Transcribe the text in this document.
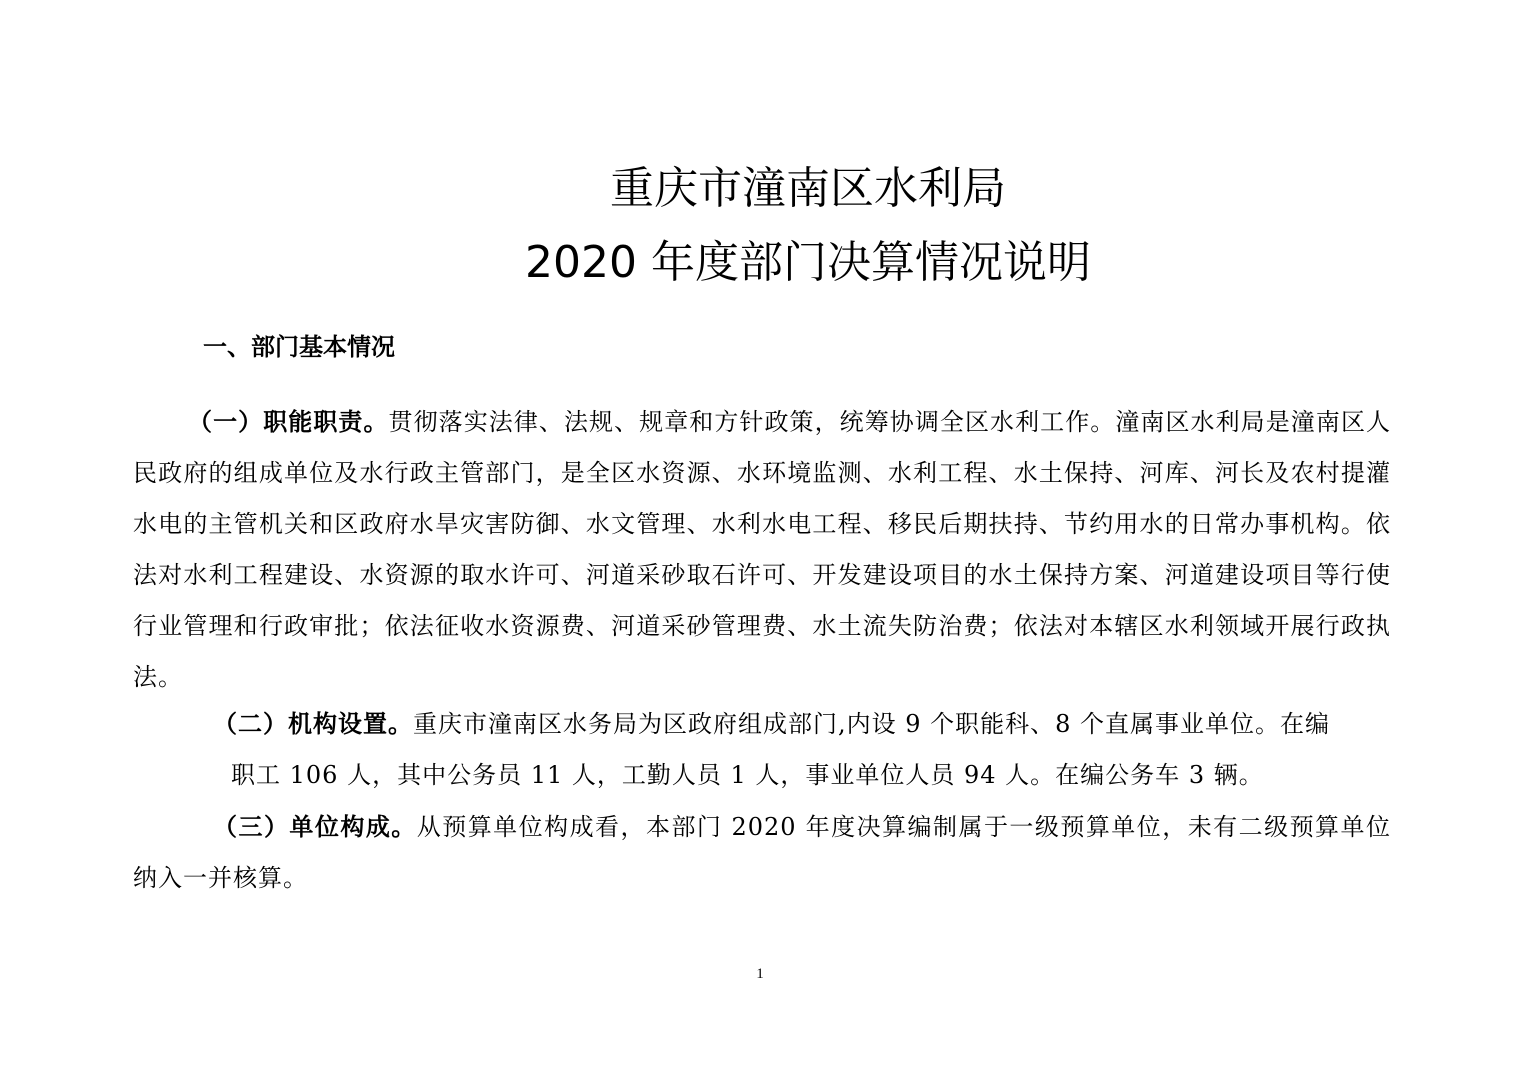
重庆市潼南区水利局
2020 年度部门决算情况说明
一、部门基本情况
（一）职能职责。贯彻落实法律、法规、规章和方针政策，统筹协调全区水利工作。潼南区水利局是潼南区人民政府的组成单位及水行政主管部门，是全区水资源、水环境监测、水利工程、水土保持、河库、河长及农村提灌水电的主管机关和区政府水旱灾害防御、水文管理、水利水电工程、移民后期扶持、节约用水的日常办事机构。依法对水利工程建设、水资源的取水许可、河道采砂取石许可、开发建设项目的水土保持方案、河道建设项目等行使行业管理和行政审批；依法征收水资源费、河道采砂管理费、水土流失防治费；依法对本辖区水利领域开展行政执法。
（二）机构设置。重庆市潼南区水务局为区政府组成部门,内设 9 个职能科、8 个直属事业单位。在编
职工 106 人，其中公务员 11 人，工勤人员 1 人，事业单位人员 94 人。在编公务车 3 辆。
（三）单位构成。从预算单位构成看，本部门 2020 年度决算编制属于一级预算单位，未有二级预算单位纳入一并核算。
1
